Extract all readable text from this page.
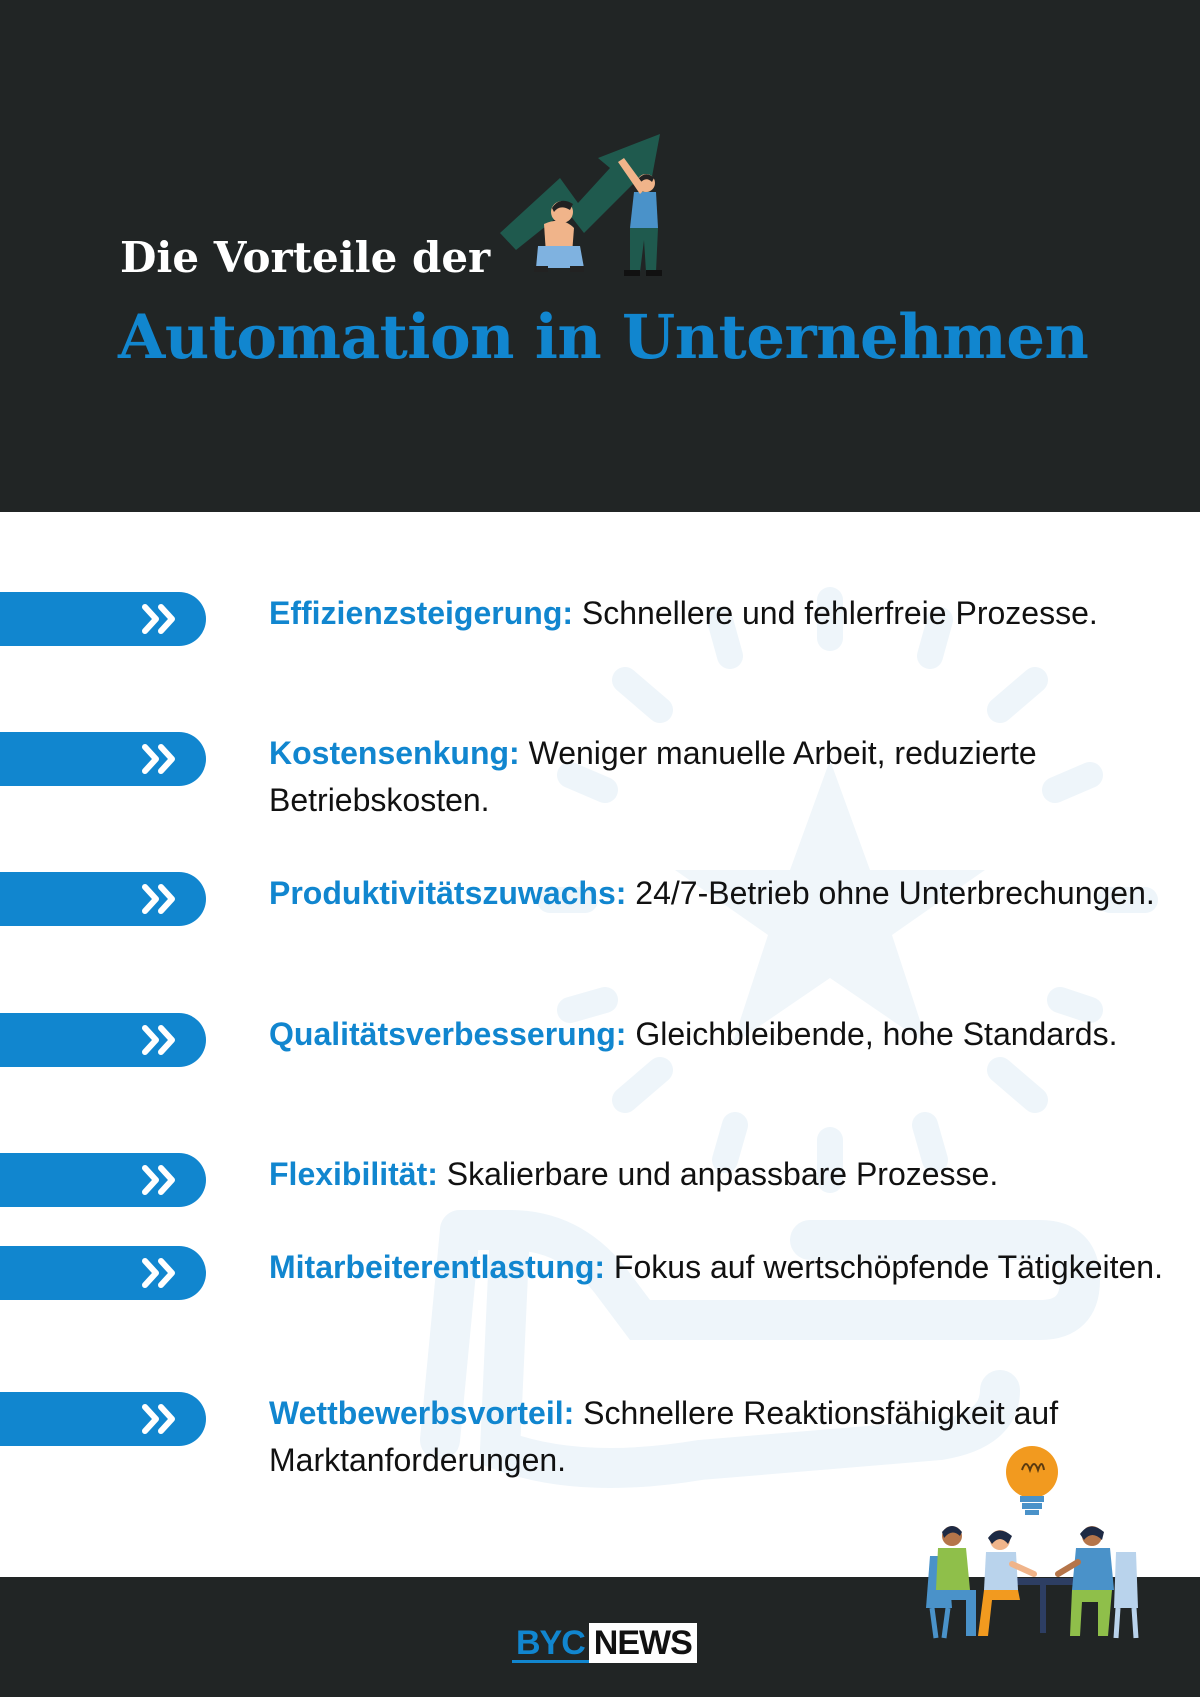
Die Vorteile der
Automation in Unternehmen

Effizienzsteigerung: Schnellere und fehlerfreie Prozesse.

Kostensenkung: Weniger manuelle Arbeit, reduzierte Betriebskosten.

Produktivitätszuwachs: 24/7-Betrieb ohne Unterbrechungen.

Qualitätsverbesserung: Gleichbleibende, hohe Standards.

Flexibilität: Skalierbare und anpassbare Prozesse.

Mitarbeiterentlastung: Fokus auf wertschöpfende Tätigkeiten.

Wettbewerbsvorteil: Schnellere Reaktionsfähigkeit auf Marktanforderungen.

BYC NEWS
